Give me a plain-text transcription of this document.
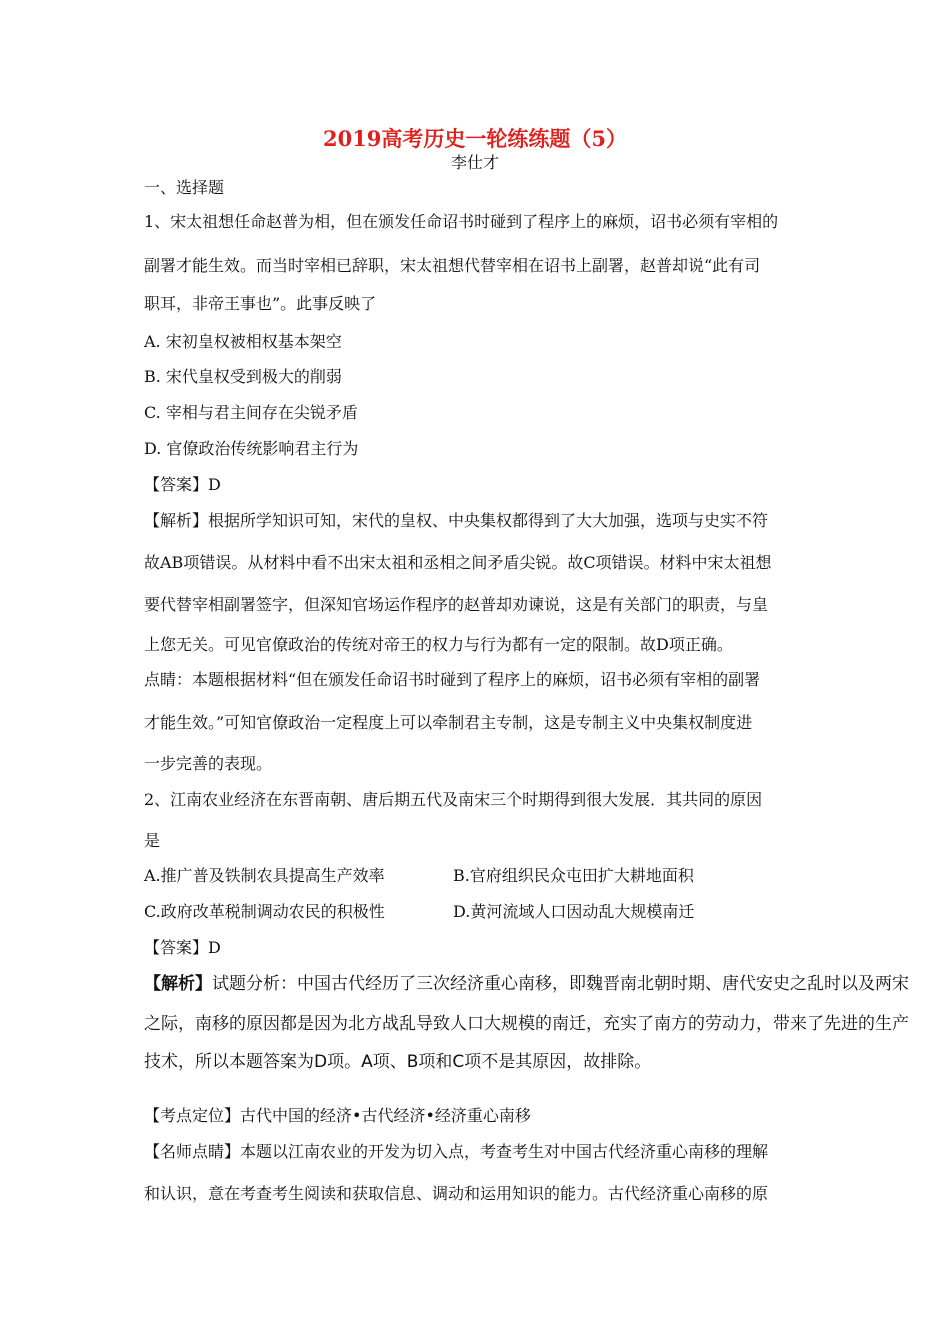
2019高考历史一轮练练题（5）
李仕才
一、选择题
1、宋太祖想任命赵普为相，但在颁发任命诏书时碰到了程序上的麻烦，诏书必须有宰相的
副署才能生效。而当时宰相已辞职，宋太祖想代替宰相在诏书上副署，赵普却说“此有司
职耳，非帝王事也”。此事反映了
A. 宋初皇权被相权基本架空
B. 宋代皇权受到极大的削弱
C. 宰相与君主间存在尖锐矛盾
D. 官僚政治传统影响君主行为
【答案】D
【解析】根据所学知识可知，宋代的皇权、中央集权都得到了大大加强，选项与史实不符
故AB项错误。从材料中看不出宋太祖和丞相之间矛盾尖锐。故C项错误。材料中宋太祖想
要代替宰相副署签字，但深知官场运作程序的赵普却劝谏说，这是有关部门的职责，与皇
上您无关。可见官僚政治的传统对帝王的权力与行为都有一定的限制。故D项正确。
点睛：本题根据材料“但在颁发任命诏书时碰到了程序上的麻烦，诏书必须有宰相的副署
才能生效。”可知官僚政治一定程度上可以牵制君主专制，这是专制主义中央集权制度进
一步完善的表现。
2、江南农业经济在东晋南朝、唐后期五代及南宋三个时期得到很大发展．其共同的原因
是
A.推广普及铁制农具提高生产效率	B.官府组织民众屯田扩大耕地面积
C.政府改革税制调动农民的积极性	D.黄河流域人口因动乱大规模南迁
【答案】D
【解析】试题分析：中国古代经历了三次经济重心南移，即魏晋南北朝时期、唐代安史之乱时以及两宋
之际，南移的原因都是因为北方战乱导致人口大规模的南迁，充实了南方的劳动力，带来了先进的生产
技术，所以本题答案为D项。A项、B项和C项不是其原因，故排除。
【考点定位】古代中国的经济•古代经济•经济重心南移
【名师点睛】本题以江南农业的开发为切入点，考查考生对中国古代经济重心南移的理解
和认识，意在考查考生阅读和获取信息、调动和运用知识的能力。古代经济重心南移的原
